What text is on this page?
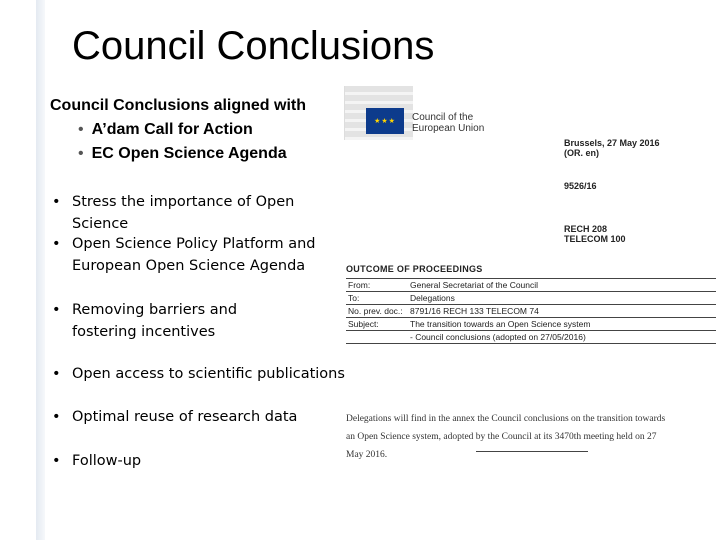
Council Conclusions
Council Conclusions aligned with
• A’dam Call for Action
• EC Open Science Agenda
• Stress the importance of Open Science
• Open Science Policy Platform and
European Open Science Agenda
• Removing barriers and
fostering incentives
• Open access to scientific publications
• Optimal reuse of research data
• Follow-up
★★★	Council of the
European Union
Brussels, 27 May 2016
(OR. en)
9526/16
RECH 208
TELECOM 100
OUTCOME OF PROCEEDINGS
From:	General Secretariat of the Council
To:	Delegations
No. prev. doc.:	8791/16 RECH 133 TELECOM 74
Subject:	The transition towards an Open Science system
	- Council conclusions (adopted on 27/05/2016)
Delegations will find in the annex the Council conclusions on the transition towards an Open Science system, adopted by the Council at its 3470th meeting held on 27 May 2016.
